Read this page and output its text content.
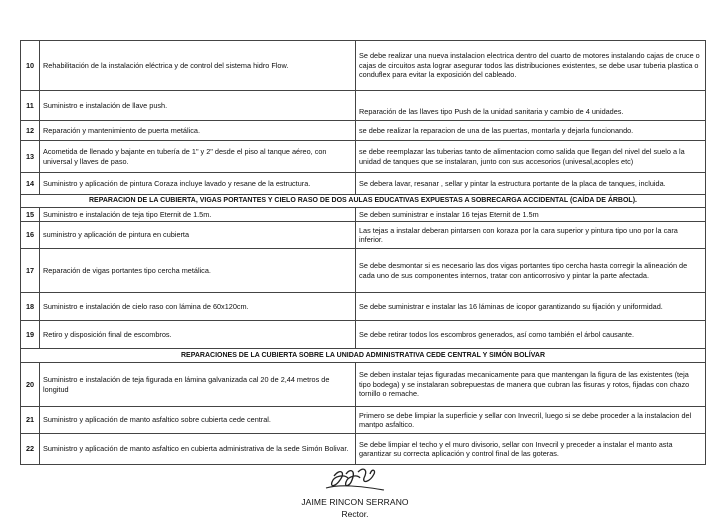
10	Rehabilitación de la instalación eléctrica y de control del sistema hidro Flow.	Se debe realizar una nueva instalacion electrica dentro del cuarto de motores instalando cajas de cruce o cajas de circuitos asta lograr asegurar todos las distribuciones existentes, se debe usar tuberia plastica o conduflex para evitar la exposición del cableado.
11	Suministro e instalación de llave push.	Reparación de las llaves tipo Push de la unidad sanitaria y cambio de 4 unidades.
12	Reparación y mantenimiento de puerta metálica.	se debe realizar la reparacion de una de las puertas, montarla y dejarla funcionando.
13	Acometida de llenado y bajante en tubería de 1" y 2" desde el piso al tanque aéreo, con universal y llaves de paso.	se debe reemplazar las tuberias tanto de alimentacion como salida que llegan del nivel del suelo a la unidad de tanques que se instalaran, junto con sus accesorios (univesal,acoples etc)
14	Suministro y aplicación de pintura Coraza incluye lavado y resane de la estructura.	Se debera lavar, resanar , sellar y pintar la estructura portante de la placa de tanques, incluida.
REPARACION DE LA CUBIERTA, VIGAS PORTANTES Y CIELO RASO DE DOS AULAS EDUCATIVAS EXPUESTAS A SOBRECARGA ACCIDENTAL (CAÍDA DE ÁRBOL).		
15	Suministro e instalación de teja tipo Eternit de 1.5m.	Se deben suministrar e instalar 16 tejas Eternit de 1.5m
16	suministro y aplicación de pintura en cubierta	Las tejas a instalar deberan pintarsen con koraza por la cara superior y pintura tipo uno por la cara inferior.
17	Reparación de vigas portantes tipo cercha metálica.	Se debe desmontar si es necesario las dos vigas portantes tipo cercha hasta corregir la alineación de cada uno de sus componentes internos, tratar con anticorrosivo y pintar la parte afectada.
18	Suministro e instalación de cielo raso con lámina de 60x120cm.	Se debe suministrar e instalar las 16 láminas de icopor garantizando su fijación y uniformidad.
19	Retiro y disposición final de escombros.	Se debe retirar todos los escombros generados, así como también el árbol causante.
REPARACIONES DE LA CUBIERTA SOBRE LA UNIDAD ADMINISTRATIVA CEDE CENTRAL Y SIMÓN BOLÍVAR		
20	Suministro e instalación de teja figurada en lámina galvanizada cal 20 de 2,44 metros de longitud	Se deben instalar tejas figuradas mecanicamente para que mantengan la figura de las existentes (teja tipo bodega) y se instalaran sobrepuestas de manera que cubran las fisuras y rotos, fijadas con chazo tornillo o remache.
21	Suministro y aplicación de manto asfaltico sobre cubierta cede central.	Primero se debe limpiar la superficie y sellar con Invecril, luego si se debe proceder a la instalacion del mantpo asfaltico.
22	Suministro y aplicación de manto asfaltico en cubierta administrativa de la sede Simón Bolivar.	Se debe limpiar el techo y el muro divisorio, sellar con Invecril y preceder a instalar el manto asta garantizar su correcta aplicación y control final de las goteras.
JAIME RINCON SERRANO
Rector.
